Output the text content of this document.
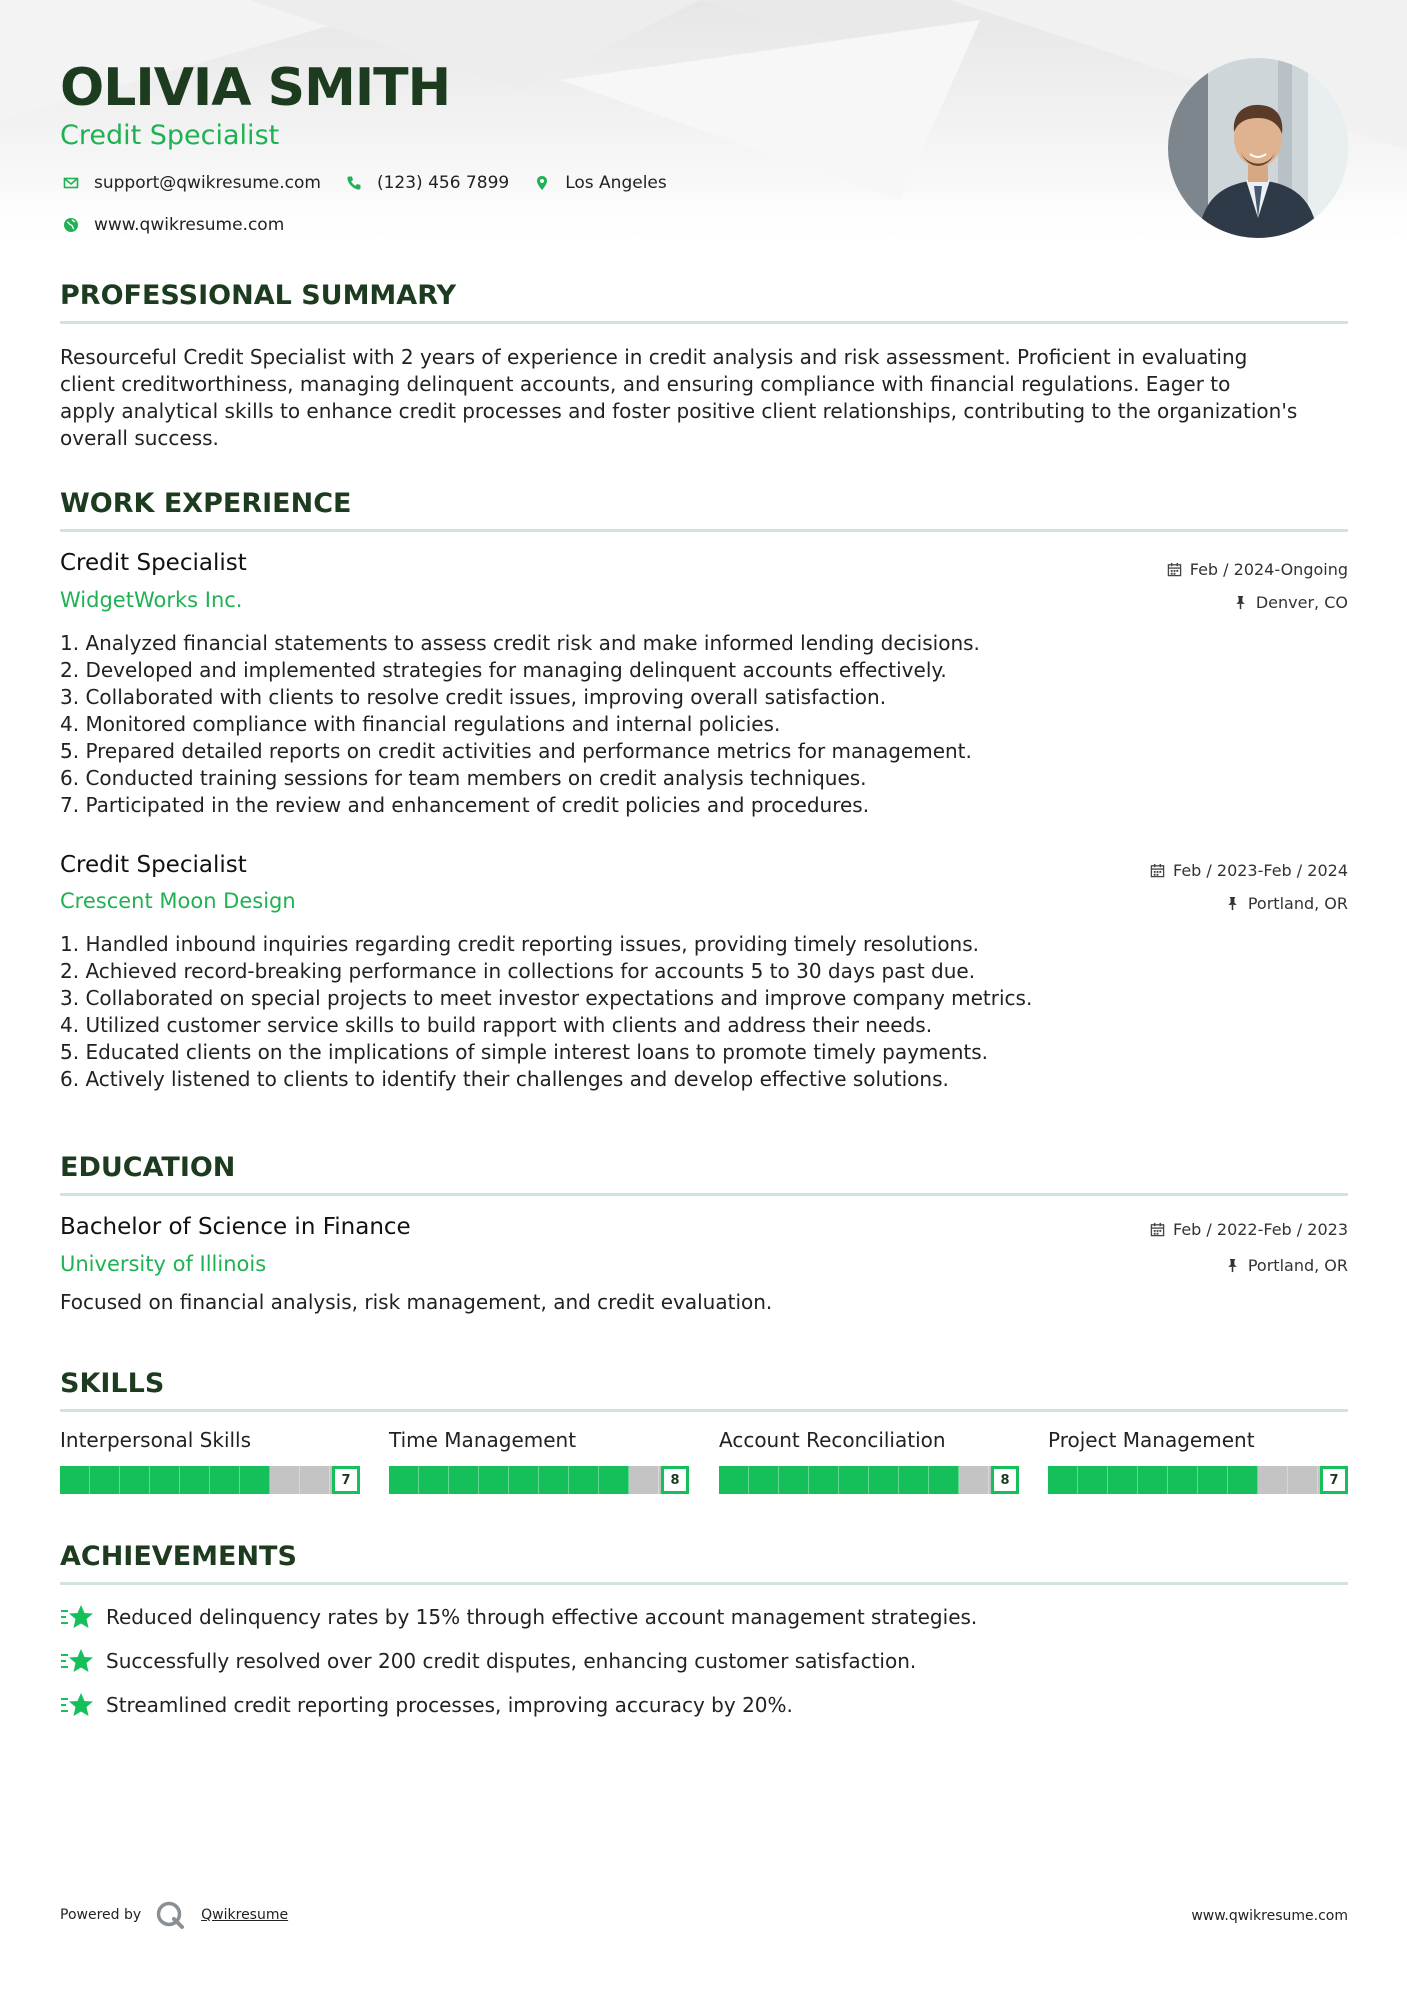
OLIVIA SMITH
Credit Specialist
support@qwikresume.com	(123) 456 7899	Los Angeles
www.qwikresume.com
PROFESSIONAL SUMMARY
Resourceful Credit Specialist with 2 years of experience in credit analysis and risk assessment. Proficient in evaluating
client creditworthiness, managing delinquent accounts, and ensuring compliance with financial regulations. Eager to
apply analytical skills to enhance credit processes and foster positive client relationships, contributing to the organization's
overall success.
WORK EXPERIENCE
Credit Specialist	Feb / 2024-Ongoing
WidgetWorks Inc.	Denver, CO
1. Analyzed financial statements to assess credit risk and make informed lending decisions.
2. Developed and implemented strategies for managing delinquent accounts effectively.
3. Collaborated with clients to resolve credit issues, improving overall satisfaction.
4. Monitored compliance with financial regulations and internal policies.
5. Prepared detailed reports on credit activities and performance metrics for management.
6. Conducted training sessions for team members on credit analysis techniques.
7. Participated in the review and enhancement of credit policies and procedures.
Credit Specialist	Feb / 2023-Feb / 2024
Crescent Moon Design	Portland, OR
1. Handled inbound inquiries regarding credit reporting issues, providing timely resolutions.
2. Achieved record-breaking performance in collections for accounts 5 to 30 days past due.
3. Collaborated on special projects to meet investor expectations and improve company metrics.
4. Utilized customer service skills to build rapport with clients and address their needs.
5. Educated clients on the implications of simple interest loans to promote timely payments.
6. Actively listened to clients to identify their challenges and develop effective solutions.
EDUCATION
Bachelor of Science in Finance	Feb / 2022-Feb / 2023
University of Illinois	Portland, OR
Focused on financial analysis, risk management, and credit evaluation.
SKILLS
Interpersonal Skills
7
Time Management
8
Account Reconciliation
8
Project Management
7
ACHIEVEMENTS
Reduced delinquency rates by 15% through effective account management strategies.
Successfully resolved over 200 credit disputes, enhancing customer satisfaction.
Streamlined credit reporting processes, improving accuracy by 20%.
Powered by	Qwikresume	www.qwikresume.com
